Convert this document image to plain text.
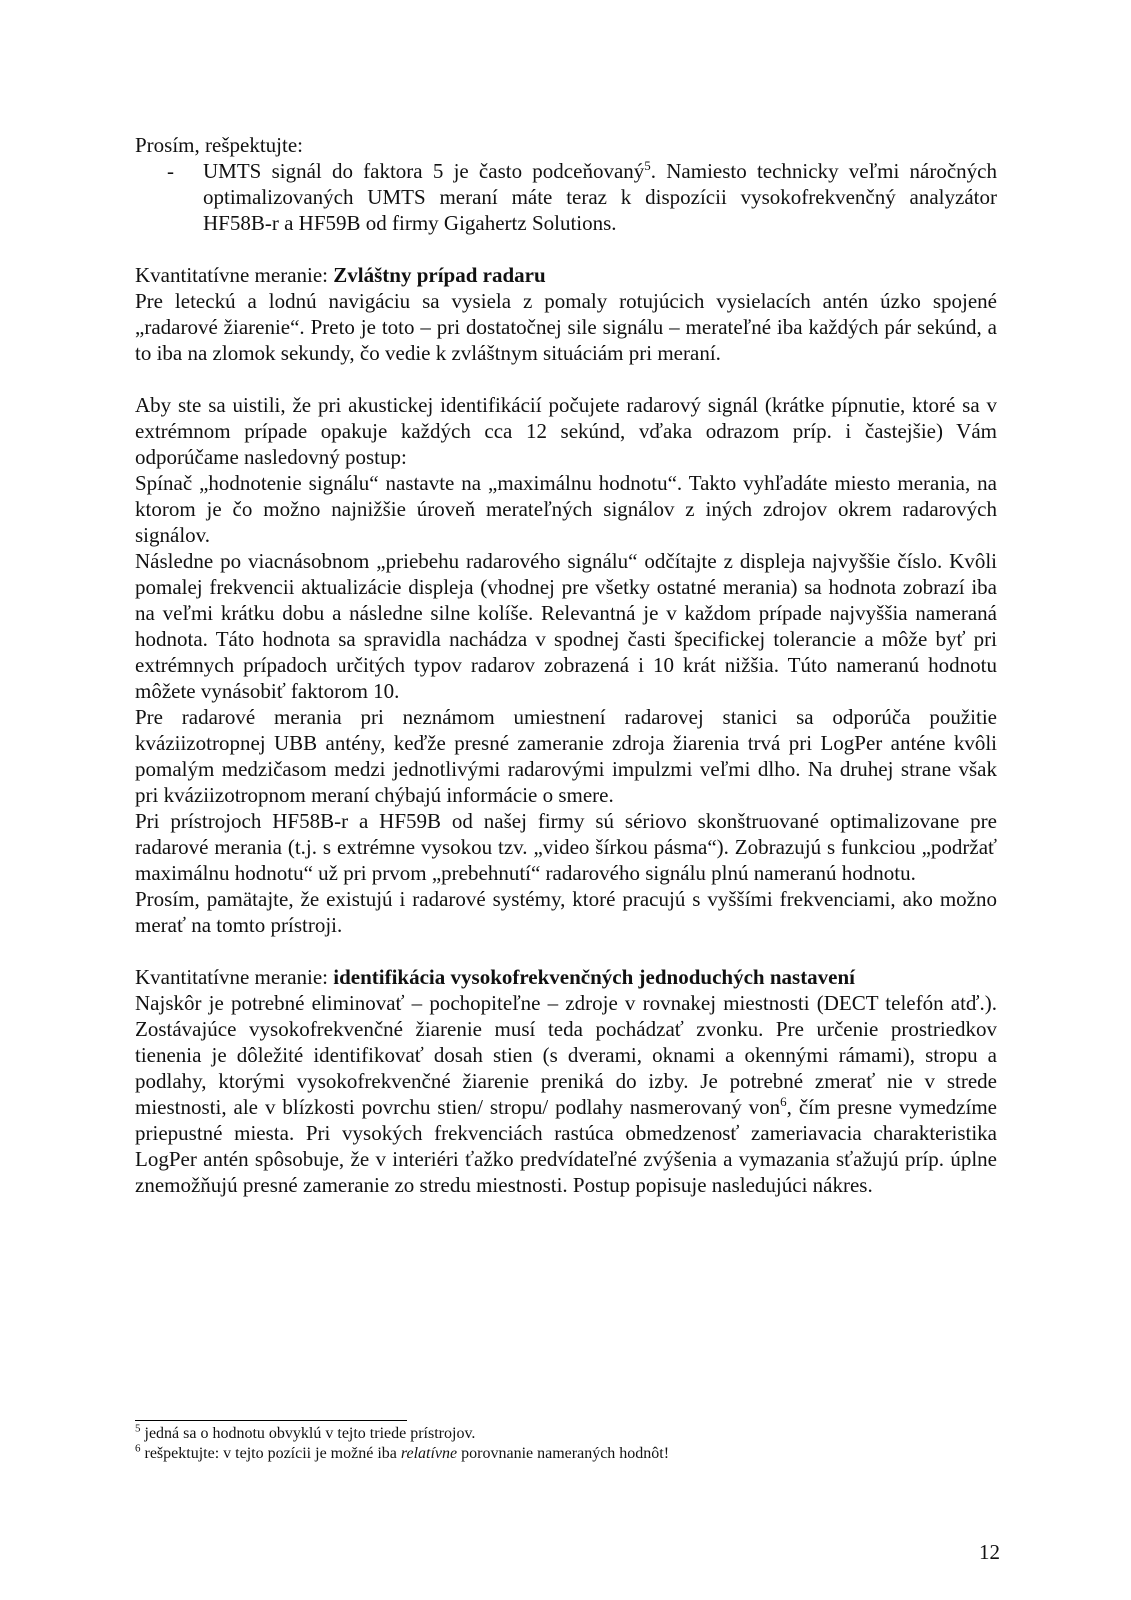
Prosím, rešpektujte:

-	UMTS signál do faktora 5 je často podceňovaný$^5$. Namiesto technicky veľmi náročných optimalizovaných UMTS meraní máte teraz k dispozícii vysokofrekvenčný analyzátor HF58B-r a HF59B od firmy Gigahertz Solutions.

Kvantitatívne meranie: Zvláštny prípad radaru

Pre leteckú a lodnú navigáciu sa vysiela z pomaly rotujúcich vysielacích antén úzko spojené „radarové žiarenie“. Preto je toto – pri dostatočnej sile signálu – merateľné iba každých pár sekúnd, a to iba na zlomok sekundy, čo vedie k zvláštnym situáciám pri meraní.

Aby ste sa uistili, že pri akustickej identifikácií počujete radarový signál (krátke pípnutie, ktoré sa v extrémnom prípade opakuje každých cca 12 sekúnd, vďaka odrazom príp. i častejšie) Vám odporúčame nasledovný postup:

Spínač „hodnotenie signálu“ nastavte na „maximálnu hodnotu“. Takto vyhľadáte miesto merania, na ktorom je čo možno najnižšie úroveň merateľných signálov z iných zdrojov okrem radarových signálov.

Následne po viacnásobnom „priebehu radarového signálu“ odčítajte z displeja najvyššie číslo. Kvôli pomalej frekvencii aktualizácie displeja (vhodnej pre všetky ostatné merania) sa hodnota zobrazí iba na veľmi krátku dobu a následne silne kolíše. Relevantná je v každom prípade najvyššia nameraná hodnota. Táto hodnota sa spravidla nachádza v spodnej časti špecifickej tolerancie a môže byť pri extrémnych prípadoch určitých typov radarov zobrazená i 10 krát nižšia. Túto nameranú hodnotu môžete vynásobiť faktorom 10.

Pre radarové merania pri neznámom umiestnení radarovej stanici sa odporúča použitie kváziizotropnej UBB antény, keďže presné zameranie zdroja žiarenia trvá pri LogPer anténe kvôli pomalým medzičasom medzi jednotlivými radarovými impulzmi veľmi dlho. Na druhej strane však pri kváziizotropnom meraní chýbajú informácie o smere.

Pri prístrojoch HF58B-r a HF59B od našej firmy sú sériovo skonštruované optimalizovane pre radarové merania (t.j. s extrémne vysokou tzv. „video šírkou pásma“). Zobrazujú s funkciou „podržať maximálnu hodnotu“ už pri prvom „prebehnutí“ radarového signálu plnú nameranú hodnotu.

Prosím, pamätajte, že existujú i radarové systémy, ktoré pracujú s vyššími frekvenciami, ako možno merať na tomto prístroji.

Kvantitatívne meranie: identifikácia vysokofrekvenčných jednoduchých nastavení

Najskôr je potrebné eliminovať – pochopiteľne – zdroje v rovnakej miestnosti (DECT telefón atď.). Zostávajúce vysokofrekvenčné žiarenie musí teda pochádzať zvonku. Pre určenie prostriedkov tienenia je dôležité identifikovať dosah stien (s dverami, oknami a okennými rámami), stropu a podlahy, ktorými vysokofrekvenčné žiarenie preniká do izby. Je potrebné zmerať nie v strede miestnosti, ale v blízkosti povrchu stien/ stropu/ podlahy nasmerovaný von$^6$, čím presne vymedzíme priepustné miesta. Pri vysokých frekvenciách rastúca obmedzenosť zameriavacia charakteristika LogPer antén spôsobuje, že v interiéri ťažko predvídateľné zvýšenia a vymazania sťažujú príp. úplne znemožňujú presné zameranie zo stredu miestnosti. Postup popisuje nasledujúci nákres.

$^5$ jedná sa o hodnotu obvyklú v tejto triede prístrojov.

$^6$ rešpektujte: v tejto pozícii je možné iba relatívne porovnanie nameraných hodnôt!

12
